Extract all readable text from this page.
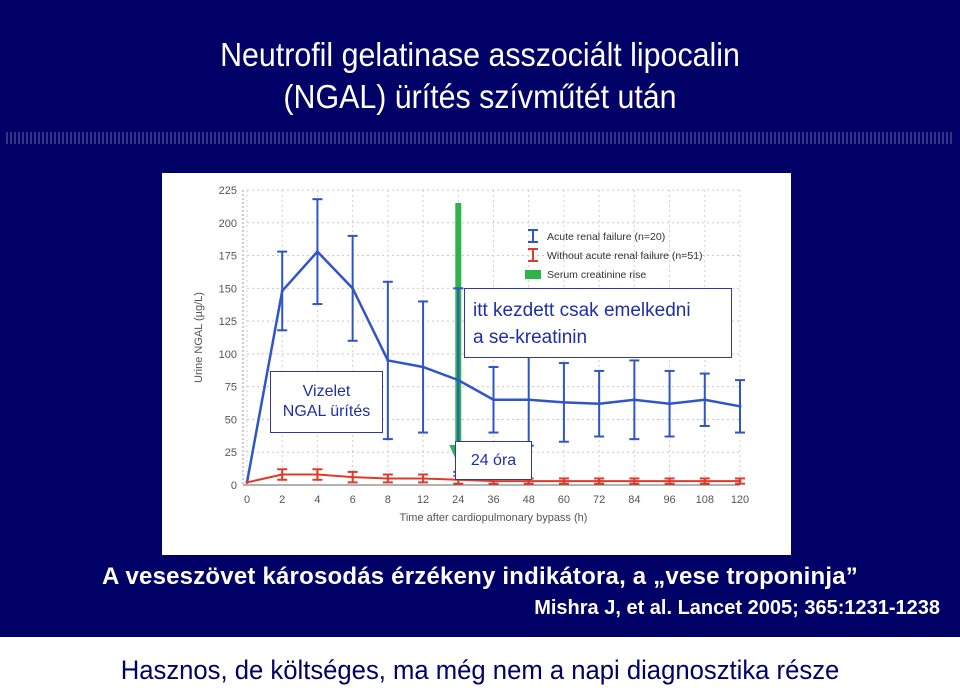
Neutrofil gelatinase asszociált lipocalin
(NGAL) ürítés szívműtét után
0
25
50
75
100
125
150
175
200
225
0	2	4	6	8 12 24 36 48 60 72 84 96 108 120
Time after cardiopulmonary bypass (h)
Urine NGAL (µg/L)
Acute renal failure (n=20)
Without acute renal failure (n=51)
Serum creatinine rise
itt kezdett csak emelkedni
a se-kreatinin
Vizelet
NGAL ürítés
24 óra
A veseszövet károsodás érzékeny indikátora, a „vese troponinja”
Mishra J, et al. Lancet 2005; 365:1231-1238
Hasznos, de költséges, ma még nem a napi diagnosztika része
